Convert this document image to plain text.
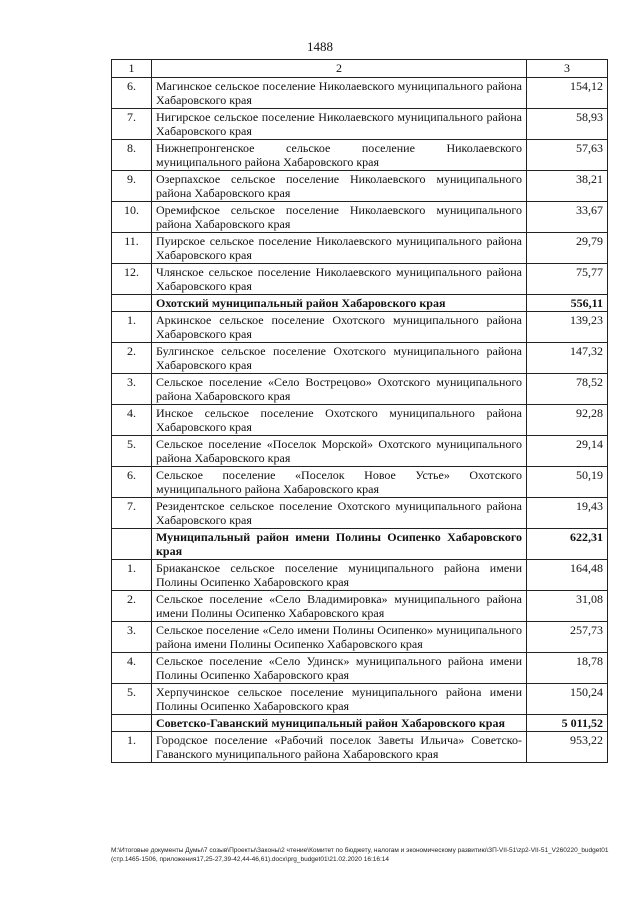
1488
1	2	3
6.	Магинское сельское поселение Николаевского муниципального района Хабаровского края	154,12
7.	Нигирское сельское поселение Николаевского муниципального района Хабаровского края	58,93
8.	Нижнепронгенское сельское поселение Николаевского муниципального района Хабаровского края	57,63
9.	Озерпахское сельское поселение Николаевского муниципального района Хабаровского края	38,21
10.	Оремифское сельское поселение Николаевского муниципального района Хабаровского края	33,67
11.	Пуирское сельское поселение Николаевского муниципального района Хабаровского края	29,79
12.	Члянское сельское поселение Николаевского муниципального района Хабаровского края	75,77
	Охотский муниципальный район Хабаровского края	556,11
1.	Аркинское сельское поселение Охотского муниципального района Хабаровского края	139,23
2.	Булгинское сельское поселение Охотского муниципального района Хабаровского края	147,32
3.	Сельское поселение «Село Вострецово» Охотского муниципального района Хабаровского края	78,52
4.	Инское сельское поселение Охотского муниципального района Хабаровского края	92,28
5.	Сельское поселение «Поселок Морской» Охотского муниципального района Хабаровского края	29,14
6.	Сельское поселение «Поселок Новое Устье» Охотского муниципального района Хабаровского края	50,19
7.	Резидентское сельское поселение Охотского муниципального района Хабаровского края	19,43
	Муниципальный район имени Полины Осипенко Хабаровского края	622,31
1.	Бриаканское сельское поселение муниципального района имени Полины Осипенко Хабаровского края	164,48
2.	Сельское поселение «Село Владимировка» муниципального района имени Полины Осипенко Хабаровского края	31,08
3.	Сельское поселение «Село имени Полины Осипенко» муниципального района имени Полины Осипенко Хабаровского края	257,73
4.	Сельское поселение «Село Удинск» муниципального района имени Полины Осипенко Хабаровского края	18,78
5.	Херпучинское сельское поселение муниципального района имени Полины Осипенко Хабаровского края	150,24
	Советско-Гаванский муниципальный район Хабаровского края	5 011,52
1.	Городское поселение «Рабочий поселок Заветы Ильича» Советско-Гаванского муниципального района Хабаровского края	953,22
М:\Итоговые документы Думы\7 созыв\Проекты\Законы\2 чтение\Комитет по бюджету, налогам и экономическому развитию\ЗП-VII-51\zp2-VII-51_V260220_budget01(стр.1465-1506, приложения17,25-27,39-42,44-46,61).docx\prg_budget01\21.02.2020 16:16:14
